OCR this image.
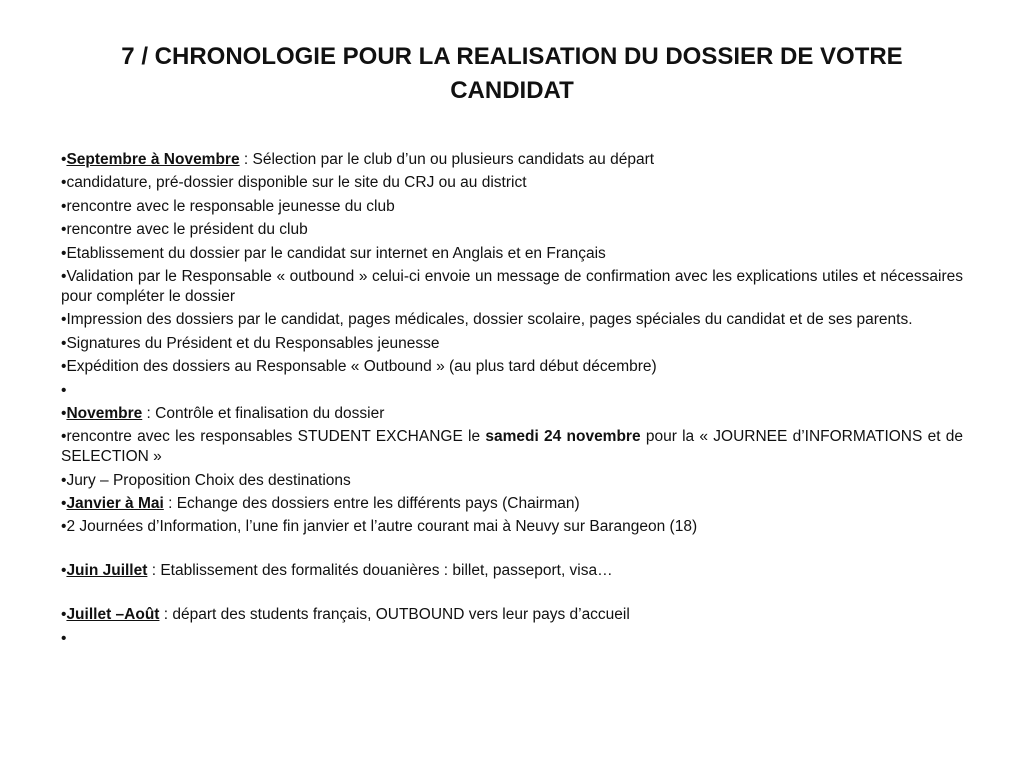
7 / CHRONOLOGIE POUR LA REALISATION DU DOSSIER DE VOTRE CANDIDAT
•Septembre à Novembre : Sélection par le club d’un ou plusieurs candidats au départ
•candidature, pré-dossier disponible sur le site du CRJ ou au district
•rencontre avec le responsable jeunesse du club
•rencontre avec le président du club
•Etablissement du dossier par le candidat sur internet en Anglais et en Français
•Validation par le Responsable « outbound » celui-ci envoie un message de confirmation avec les explications utiles et nécessaires pour compléter le dossier
•Impression des dossiers par le candidat, pages médicales, dossier scolaire, pages spéciales du candidat et de ses parents.
•Signatures du Président et du Responsables jeunesse
•Expédition des dossiers au Responsable « Outbound » (au plus tard début décembre)
•
•Novembre : Contrôle et finalisation du dossier
•rencontre avec les responsables STUDENT EXCHANGE le samedi 24 novembre pour la « JOURNEE d’INFORMATIONS et de SELECTION »
•Jury – Proposition Choix des destinations
•Janvier à Mai : Echange des dossiers entre les différents pays (Chairman)
•2 Journées d’Information, l’une fin janvier et l’autre courant mai à Neuvy sur Barangeon (18)
•Juin Juillet : Etablissement des formalités douanières : billet, passeport, visa…
•Juillet –Août : départ des students français, OUTBOUND vers leur pays d’accueil
•
